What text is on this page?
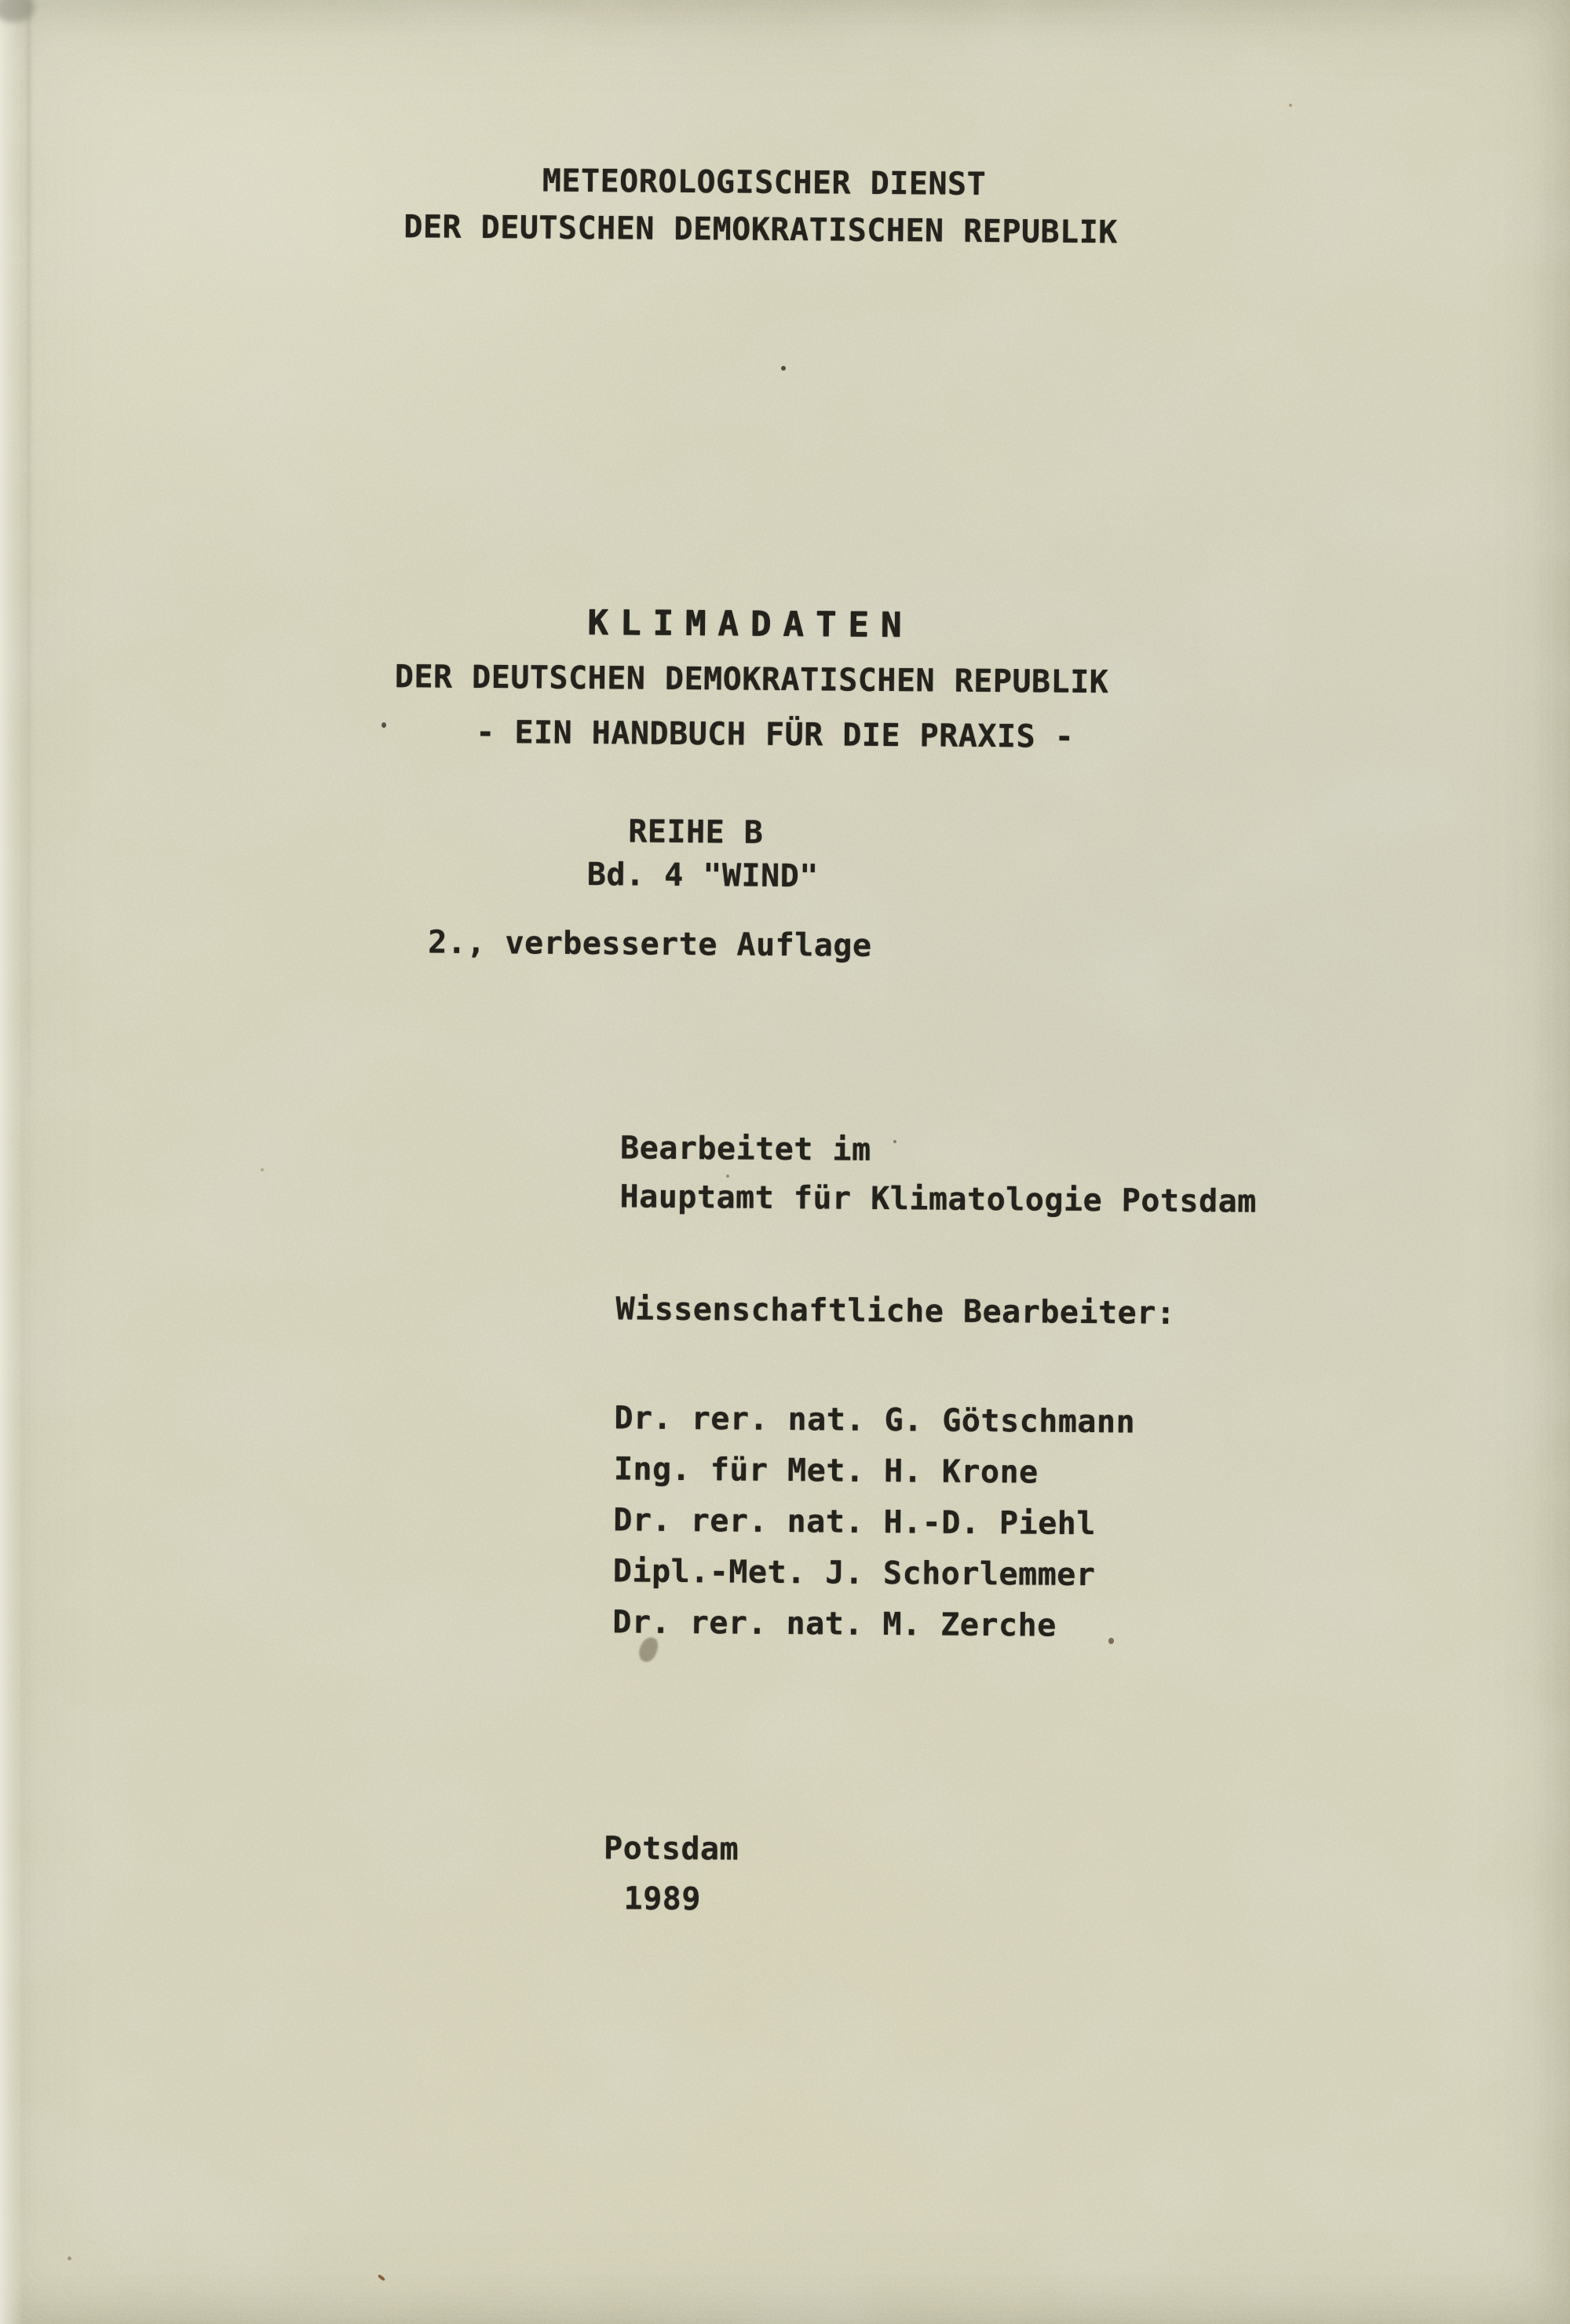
METEOROLOGISCHER DIENST
DER DEUTSCHEN DEMOKRATISCHEN REPUBLIK
KLIMADATEN
DER DEUTSCHEN DEMOKRATISCHEN REPUBLIK
- EIN HANDBUCH FÜR DIE PRAXIS -
REIHE B
Bd. 4 "WIND"
2., verbesserte Auflage
Bearbeitet im
Hauptamt für Klimatologie Potsdam
Wissenschaftliche Bearbeiter:
Dr. rer. nat. G. Götschmann
Ing. für Met. H. Krone
Dr. rer. nat. H.-D. Piehl
Dipl.-Met. J. Schorlemmer
Dr. rer. nat. M. Zerche
Potsdam
1989
